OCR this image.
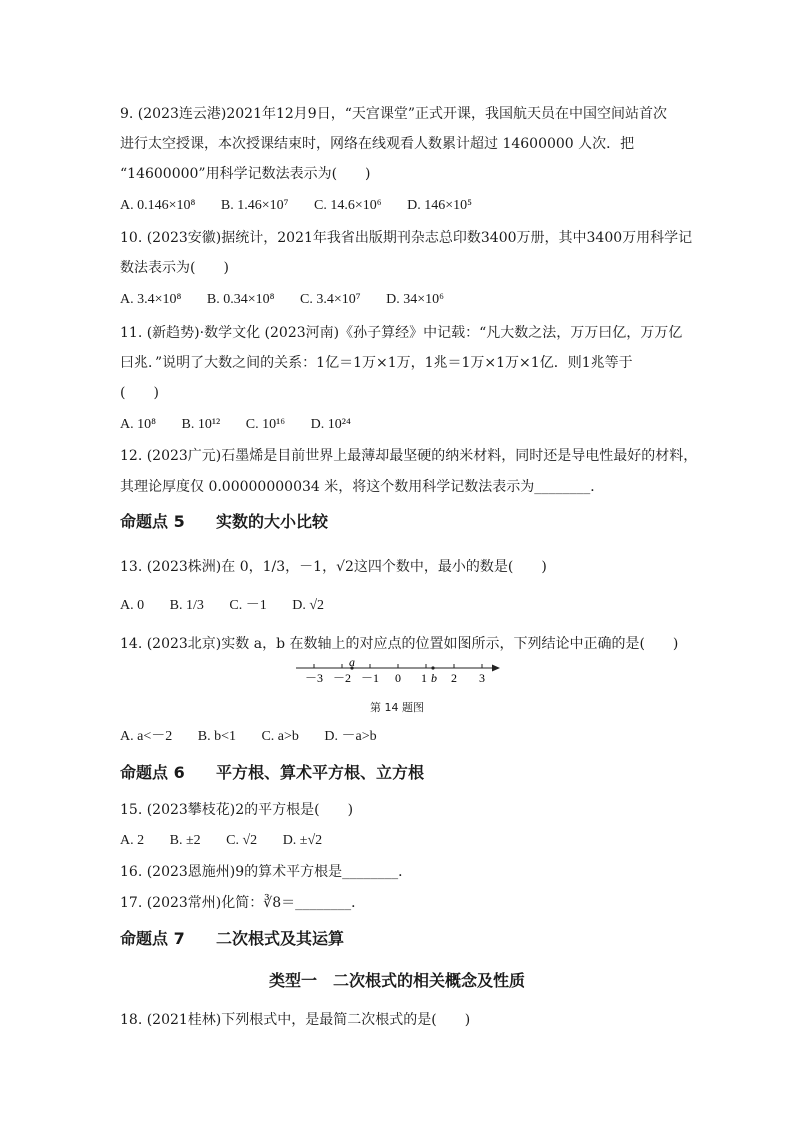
9. (2023连云港)2021年12月9日，“天宫课堂”正式开课，我国航天员在中国空间站首次
进行太空授课，本次授课结束时，网络在线观看人数累计超过 14600000 人次．把
“14600000”用科学记数法表示为(　　)
A. 0.146×10⁸ B. 1.46×10⁷ C. 14.6×10⁶ D. 146×10⁵
10. (2023安徽)据统计，2021年我省出版期刊杂志总印数3400万册，其中3400万用科学记
数法表示为(　　)
A. 3.4×10⁸ B. 0.34×10⁸ C. 3.4×10⁷ D. 34×10⁶
11. (新趋势)·数学文化 (2023河南)《孙子算经》中记载：“凡大数之法，万万曰亿，万万亿
曰兆．”说明了大数之间的关系：1亿＝1万×1万，1兆＝1万×1万×1亿．则1兆等于
(　　)
A. 10⁸ B. 10¹² C. 10¹⁶ D. 10²⁴
12. (2023广元)石墨烯是目前世界上最薄却最坚硬的纳米材料，同时还是导电性最好的材料，
其理论厚度仅 0.00000000034 米，将这个数用科学记数法表示为________．
命题点 5 实数的大小比较
13. (2023株洲)在 0，1/3，－1，√2这四个数中，最小的数是(　　)
A. 0 B. 1/3 C. －1 D. √2
14. (2023北京)实数 a，b 在数轴上的对应点的位置如图所示，下列结论中正确的是(　　)
a
－3 －2 －1 0 1 b 2 3
第 14 题图
A. a<－2 B. b<1 C. a>b D. －a>b
命题点 6 平方根、算术平方根、立方根
15. (2023攀枝花)2的平方根是(　　)
A. 2 B. ±2 C. √2 D. ±√2
16. (2023恩施州)9的算术平方根是________．
17. (2023常州)化简：∛8＝________．
命题点 7 二次根式及其运算
类型一　二次根式的相关概念及性质
18. (2021桂林)下列根式中，是最简二次根式的是(　　)
